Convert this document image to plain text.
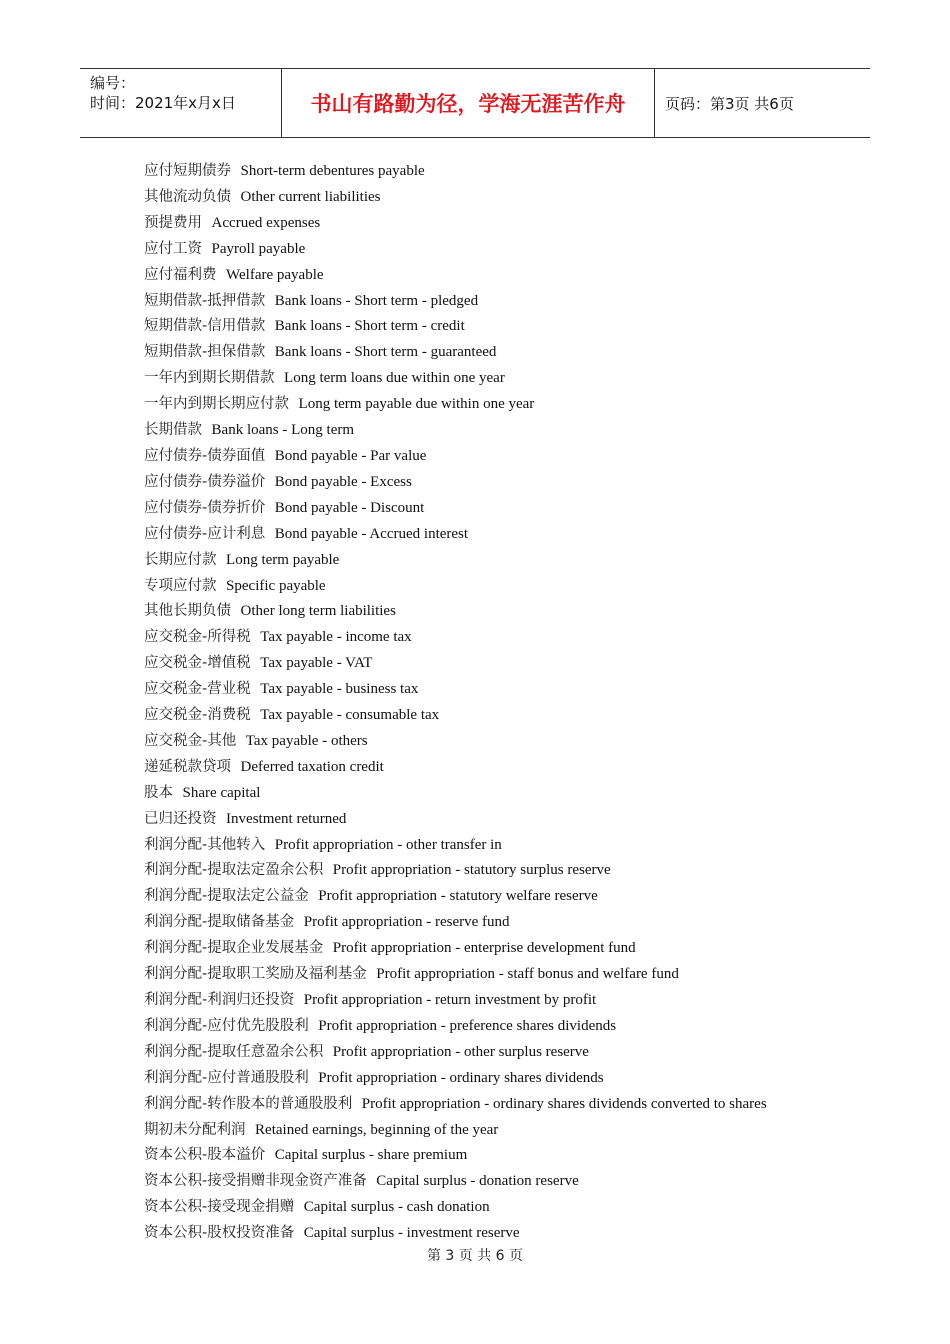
编号：
时间：2021年x月x日	书山有路勤为径，学海无涯苦作舟	页码：第3页 共6页

应付短期债券 Short-term debentures payable

其他流动负债 Other current liabilities

预提费用 Accrued expenses

应付工资 Payroll payable

应付福利费 Welfare payable

短期借款-抵押借款 Bank loans - Short term - pledged

短期借款-信用借款 Bank loans - Short term - credit

短期借款-担保借款 Bank loans - Short term - guaranteed

一年内到期长期借款 Long term loans due within one year

一年内到期长期应付款 Long term payable due within one year

长期借款 Bank loans - Long term

应付债券-债券面值 Bond payable - Par value

应付债券-债券溢价 Bond payable - Excess

应付债券-债券折价 Bond payable - Discount

应付债券-应计利息 Bond payable - Accrued interest

长期应付款 Long term payable

专项应付款 Specific payable

其他长期负债 Other long term liabilities

应交税金-所得税 Tax payable - income tax

应交税金-增值税 Tax payable - VAT

应交税金-营业税 Tax payable - business tax

应交税金-消费税 Tax payable - consumable tax

应交税金-其他 Tax payable - others

递延税款贷项 Deferred taxation credit

股本 Share capital

已归还投资 Investment returned

利润分配-其他转入 Profit appropriation - other transfer in

利润分配-提取法定盈余公积 Profit appropriation - statutory surplus reserve

利润分配-提取法定公益金 Profit appropriation - statutory welfare reserve

利润分配-提取储备基金 Profit appropriation - reserve fund

利润分配-提取企业发展基金 Profit appropriation - enterprise development fund

利润分配-提取职工奖励及福利基金 Profit appropriation - staff bonus and welfare fund

利润分配-利润归还投资 Profit appropriation - return investment by profit

利润分配-应付优先股股利 Profit appropriation - preference shares dividends

利润分配-提取任意盈余公积 Profit appropriation - other surplus reserve

利润分配-应付普通股股利 Profit appropriation - ordinary shares dividends

利润分配-转作股本的普通股股利 Profit appropriation - ordinary shares dividends converted to shares

期初未分配利润 Retained earnings, beginning of the year

资本公积-股本溢价 Capital surplus - share premium

资本公积-接受捐赠非现金资产准备 Capital surplus - donation reserve

资本公积-接受现金捐赠 Capital surplus - cash donation

资本公积-股权投资准备 Capital surplus - investment reserve

第 3 页 共 6 页
